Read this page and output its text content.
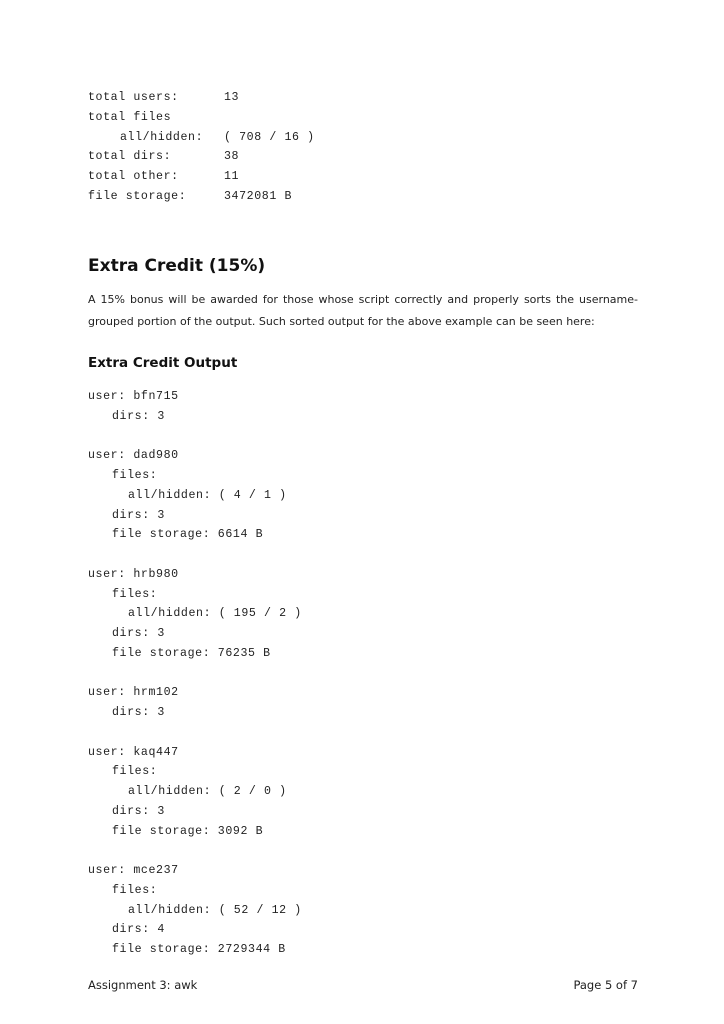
total users:	13
total files
all/hidden: ( 708 / 16 )
total dirs:	38
total other:	11
file storage:	3472081 B
Extra Credit (15%)

A 15% bonus will be awarded for those whose script correctly and properly sorts the username-grouped portion of the output. Such sorted output for the above example can be seen here:

Extra Credit Output
user: bfn715
dirs: 3
user: dad980
files:
all/hidden: ( 4 / 1 )
dirs: 3
file storage: 6614 B
user: hrb980
files:
all/hidden: ( 195 / 2 )
dirs: 3
file storage: 76235 B
user: hrm102
dirs: 3
user: kaq447
files:
all/hidden: ( 2 / 0 )
dirs: 3
file storage: 3092 B
user: mce237
files:
all/hidden: ( 52 / 12 )
dirs: 4
file storage: 2729344 B
Assignment 3: awk	Page 5 of 7
